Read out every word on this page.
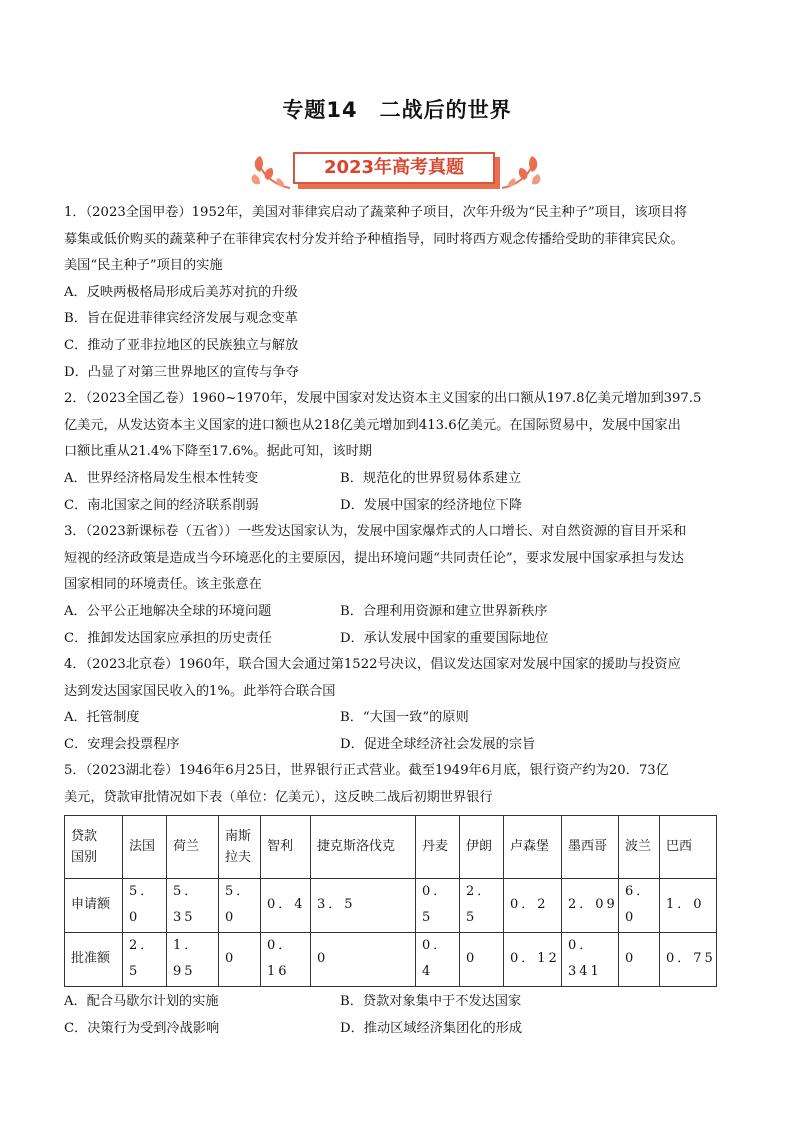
专题14 二战后的世界
2023年高考真题
1．（2023全国甲卷）1952年，美国对菲律宾启动了蔬菜种子项目，次年升级为“民主种子”项目，该项目将
募集或低价购买的蔬菜种子在菲律宾农村分发并给予种植指导，同时将西方观念传播给受助的菲律宾民众。
美国“民主种子”项目的实施
A．反映两极格局形成后美苏对抗的升级
B．旨在促进菲律宾经济发展与观念变革
C．推动了亚非拉地区的民族独立与解放
D．凸显了对第三世界地区的宣传与争夺
2．（2023全国乙卷）1960~1970年，发展中国家对发达资本主义国家的出口额从197.8亿美元增加到397.5
亿美元，从发达资本主义国家的进口额也从218亿美元增加到413.6亿美元。在国际贸易中，发展中国家出
口额比重从21.4%下降至17.6%。据此可知，该时期
A．世界经济格局发生根本性转变	B．规范化的世界贸易体系建立
C．南北国家之间的经济联系削弱	D．发展中国家的经济地位下降
3．（2023新课标卷（五省））一些发达国家认为，发展中国家爆炸式的人口增长、对自然资源的盲目开采和
短视的经济政策是造成当今环境恶化的主要原因，提出环境问题“共同责任论”，要求发展中国家承担与发达
国家相同的环境责任。该主张意在
A．公平公正地解决全球的环境问题	B．合理利用资源和建立世界新秩序
C．推卸发达国家应承担的历史责任	D．承认发展中国家的重要国际地位
4．（2023北京卷）1960年，联合国大会通过第1522号决议，倡议发达国家对发展中国家的援助与投资应
达到发达国家国民收入的1%。此举符合联合国
A．托管制度	B．“大国一致”的原则
C．安理会投票程序	D．促进全球经济社会发展的宗旨
5．（2023湖北卷）1946年6月25日，世界银行正式营业。截至1949年6月底，银行资产约为20．73亿
美元，贷款审批情况如下表（单位：亿美元），这反映二战后初期世界银行
贷款
国别	法国	荷兰	南斯拉夫	智利	捷克斯洛伐克	丹麦	伊朗	卢森堡	墨西哥	波兰	巴西
申请额	5．0	5．35	5．0	0．4	3．5	0．5	2．5	0．2	2．09	6．0	1．0
批准额	2．5	1．95	0	0．16	0	0．4	0	0．12	0．341	0	0．75
A．配合马歇尔计划的实施	B．贷款对象集中于不发达国家
C．决策行为受到冷战影响	D．推动区域经济集团化的形成
